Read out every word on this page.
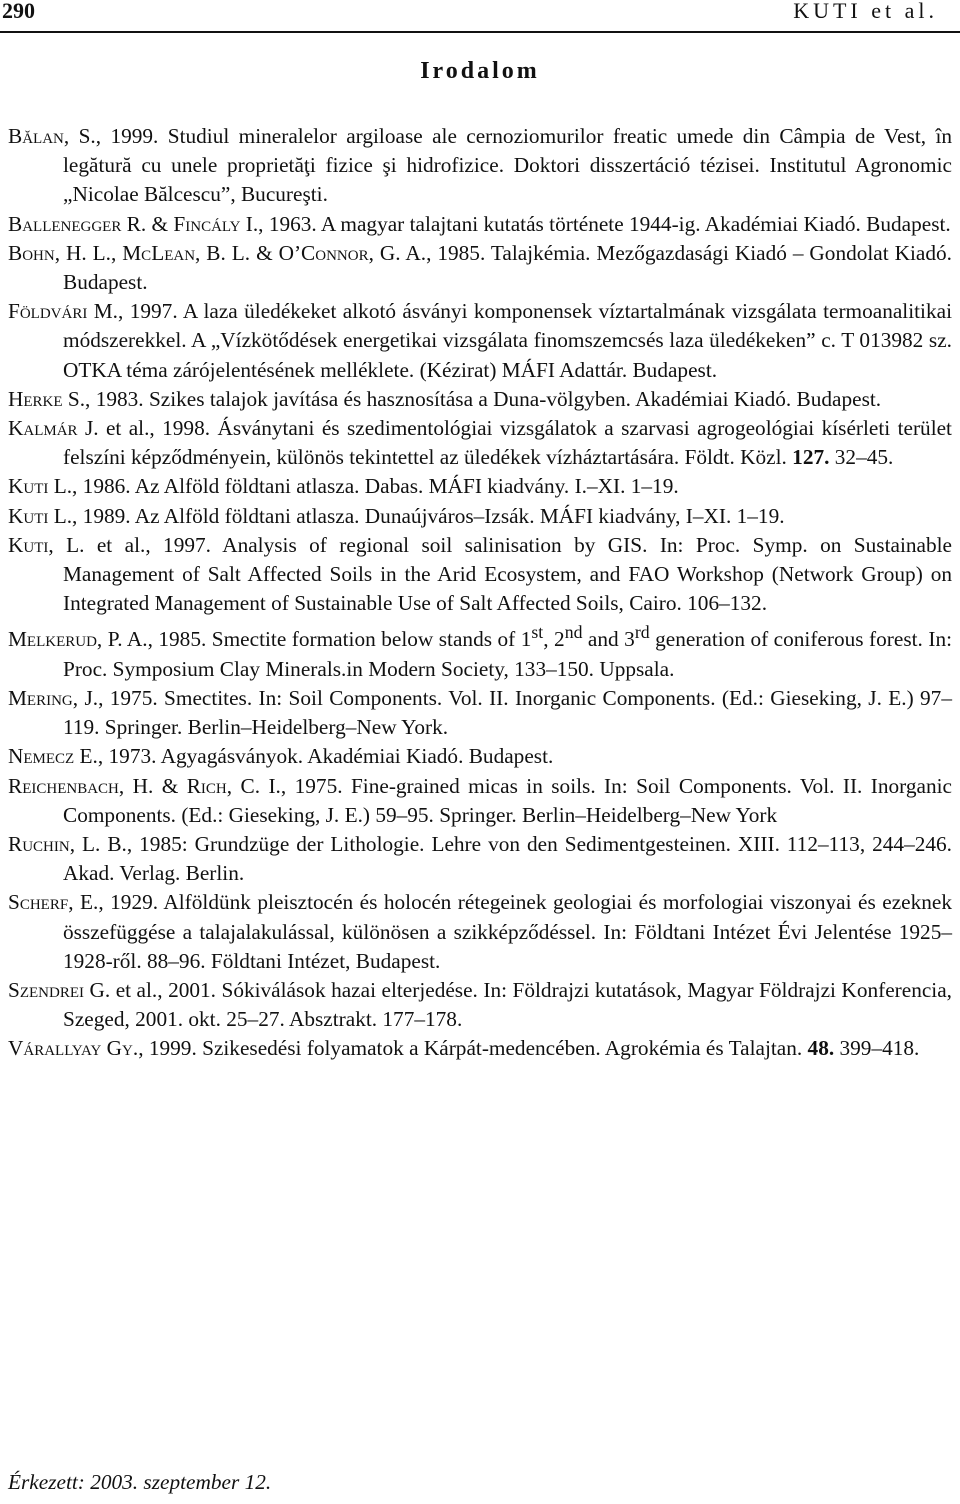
290	KUTI et al.
Irodalom
Bălan, S., 1999. Studiul mineralelor argiloase ale cernoziomurilor freatic umede din Câmpia de Vest, în legătură cu unele proprietăţi fizice şi hidrofizice. Doktori disszertáció tézisei. Institutul Agronomic „Nicolae Bălcescu”, Bucureşti.
Ballenegger R. & Fincály I., 1963. A magyar talajtani kutatás története 1944-ig. Akadémiai Kiadó. Budapest.
Bohn, H. L., McLean, B. L. & O’Connor, G. A., 1985. Talajkémia. Mezőgazdasági Kiadó – Gondolat Kiadó. Budapest.
Földvári M., 1997. A laza üledékeket alkotó ásványi komponensek víztartalmának vizsgálata termoanalitikai módszerekkel. A „Vízkötődések energetikai vizsgálata finomszemcsés laza üledékeken” c. T 013982 sz. OTKA téma zárójelentésének melléklete. (Kézirat) MÁFI Adattár. Budapest.
Herke S., 1983. Szikes talajok javítása és hasznosítása a Duna-völgyben. Akadémiai Kiadó. Budapest.
Kalmár J. et al., 1998. Ásványtani és szedimentológiai vizsgálatok a szarvasi agrogeológiai kísérleti terület felszíni képződményein, különös tekintettel az üledékek vízháztartására. Földt. Közl. 127. 32–45.
Kuti L., 1986. Az Alföld földtani atlasza. Dabas. MÁFI kiadvány. I.–XI. 1–19.
Kuti L., 1989. Az Alföld földtani atlasza. Dunaújváros–Izsák. MÁFI kiadvány, I–XI. 1–19.
Kuti, L. et al., 1997. Analysis of regional soil salinisation by GIS. In: Proc. Symp. on Sustainable Management of Salt Affected Soils in the Arid Ecosystem, and FAO Workshop (Network Group) on Integrated Management of Sustainable Use of Salt Affected Soils, Cairo. 106–132.
Melkerud, P. A., 1985. Smectite formation below stands of 1st, 2nd and 3rd generation of coniferous forest. In: Proc. Symposium Clay Minerals.in Modern Society, 133–150. Uppsala.
Mering, J., 1975. Smectites. In: Soil Components. Vol. II. Inorganic Components. (Ed.: Gieseking, J. E.) 97–119. Springer. Berlin–Heidelberg–New York.
Nemecz E., 1973. Agyagásványok. Akadémiai Kiadó. Budapest.
Reichenbach, H. & Rich, C. I., 1975. Fine-grained micas in soils. In: Soil Components. Vol. II. Inorganic Components. (Ed.: Gieseking, J. E.) 59–95. Springer. Berlin–Heidelberg–New York
Ruchin, L. B., 1985: Grundzüge der Lithologie. Lehre von den Sedimentgesteinen. XIII. 112–113, 244–246. Akad. Verlag. Berlin.
Scherf, E., 1929. Alföldünk pleisztocén és holocén rétegeinek geologiai és morfologiai viszonyai és ezeknek összefüggése a talajalakulással, különösen a szikképződéssel. In: Földtani Intézet Évi Jelentése 1925–1928-ről. 88–96. Földtani Intézet, Budapest.
Szendrei G. et al., 2001. Sókiválások hazai elterjedése. In: Földrajzi kutatások, Magyar Földrajzi Konferencia, Szeged, 2001. okt. 25–27. Absztrakt. 177–178.
Várallyay Gy., 1999. Szikesedési folyamatok a Kárpát-medencében. Agrokémia és Talajtan. 48. 399–418.
Érkezett: 2003. szeptember 12.
